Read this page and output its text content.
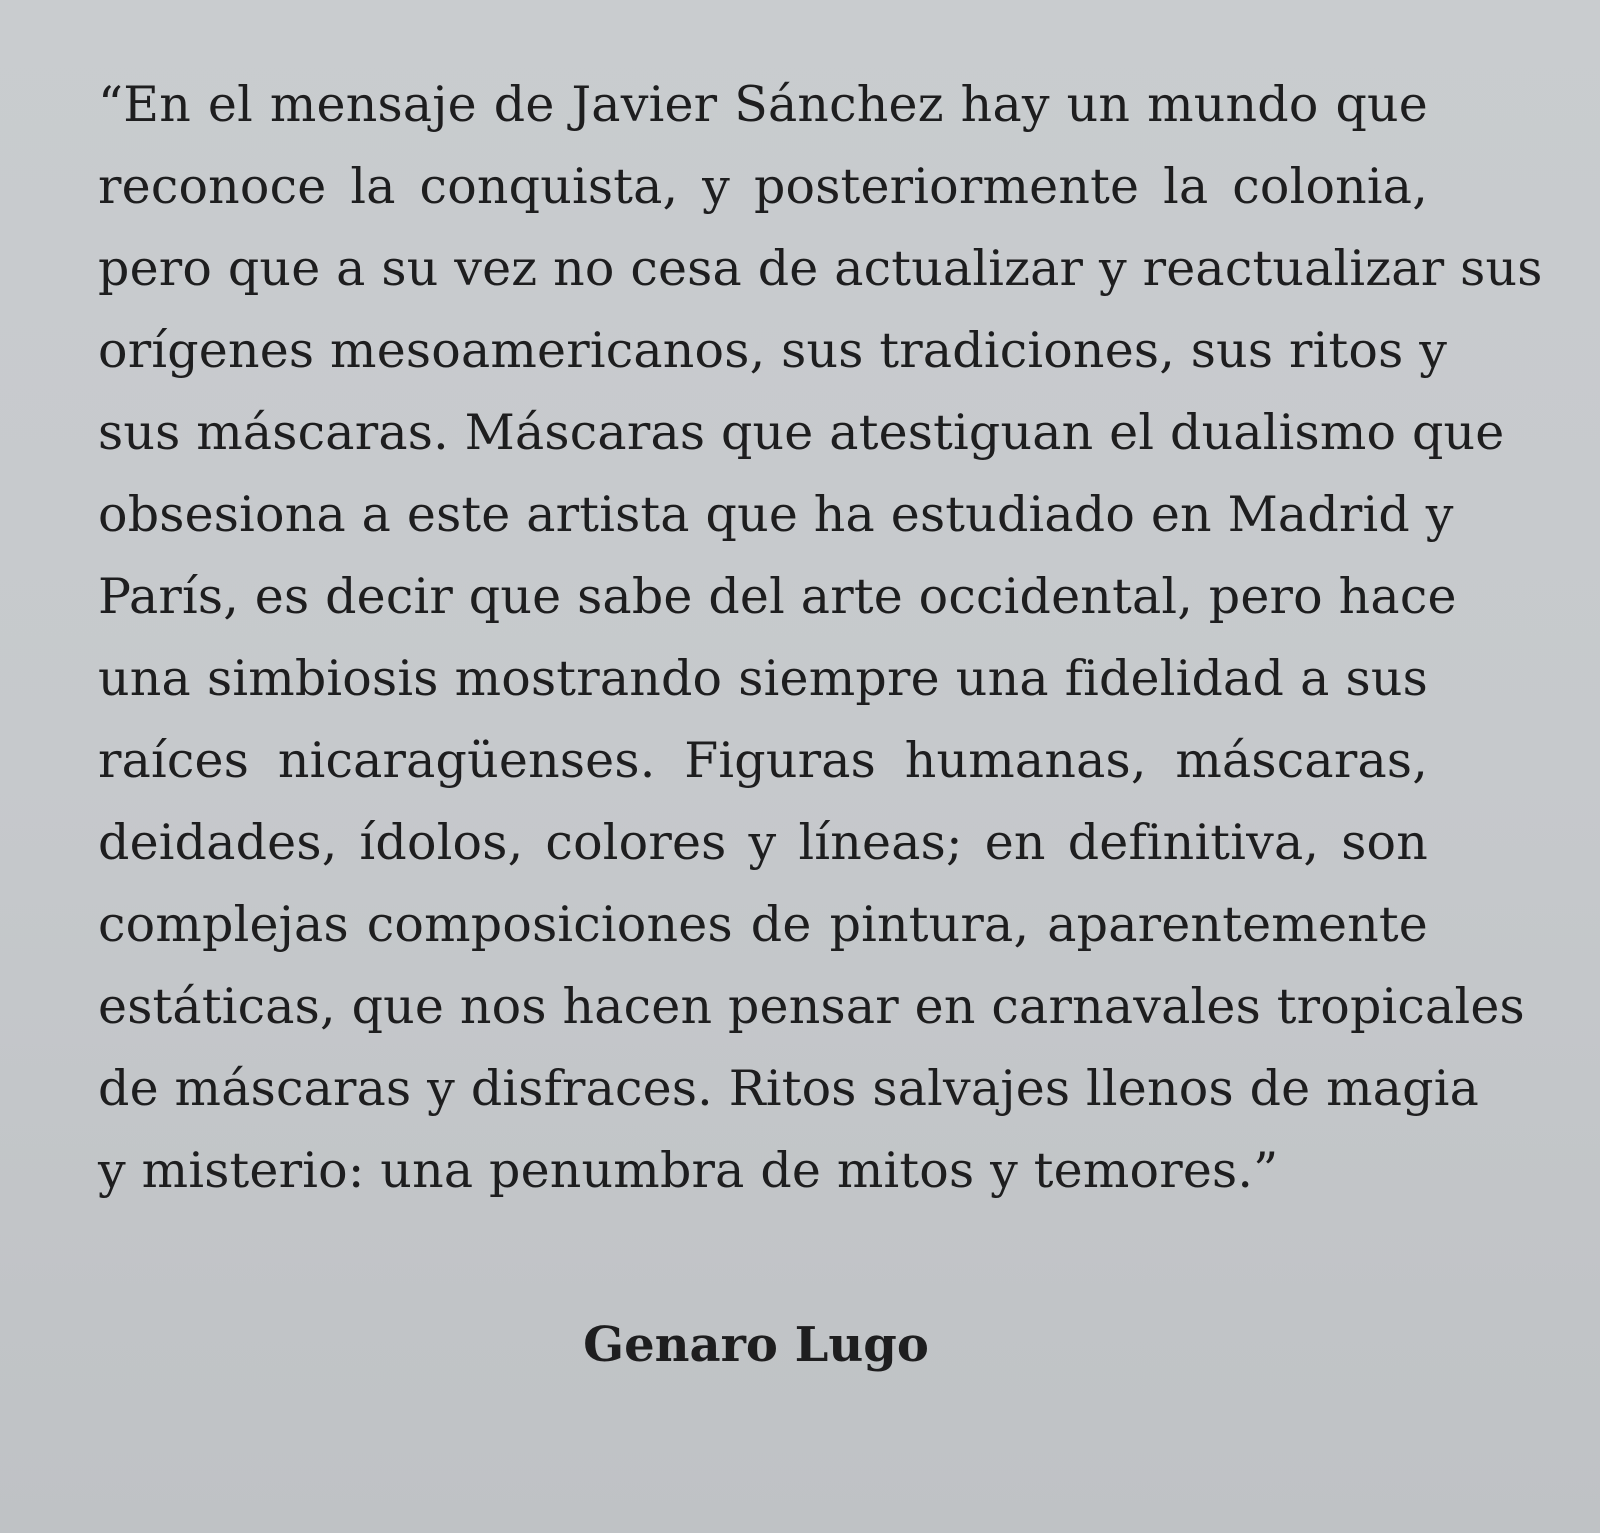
“En el mensaje de Javier Sánchez hay un mundo que
reconoce la conquista, y posteriormente la colonia,
pero que a su vez no cesa de actualizar y reactualizar sus
orígenes mesoamericanos, sus tradiciones, sus ritos y
sus máscaras. Máscaras que atestiguan el dualismo que
obsesiona a este artista que ha estudiado en Madrid y
París, es decir que sabe del arte occidental, pero hace
una simbiosis mostrando siempre una fidelidad a sus
raíces nicaragüenses. Figuras humanas, máscaras,
deidades, ídolos, colores y líneas; en definitiva, son
complejas composiciones de pintura, aparentemente
estáticas, que nos hacen pensar en carnavales tropicales
de máscaras y disfraces. Ritos salvajes llenos de magia
y misterio: una penumbra de mitos y temores.”
Genaro Lugo
